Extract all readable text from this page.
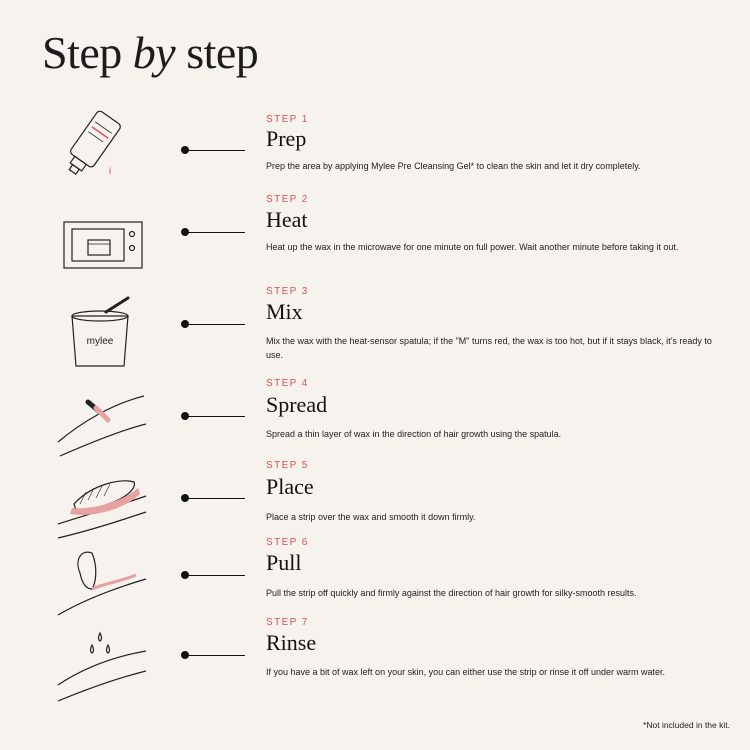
Step by step
STEP 1
Prep
Prep the area by applying Mylee Pre Cleansing Gel* to clean the skin and let it dry completely.
STEP 2
Heat
Heat up the wax in the microwave for one minute on full power. Wait another minute before taking it out.
mylee
STEP 3
Mix
Mix the wax with the heat-sensor spatula; if the "M" turns red, the wax is too hot, but if it stays black, it’s ready to use.
STEP 4
Spread
Spread a thin layer of wax in the direction of hair growth using the spatula.
STEP 5
Place
Place a strip over the wax and smooth it down firmly.
STEP 6
Pull
Pull the strip off quickly and firmly against the direction of hair growth for silky-smooth results.
STEP 7
Rinse
If you have a bit of wax left on your skin, you can either use the strip or rinse it off under warm water.
*Not included in the kit.
